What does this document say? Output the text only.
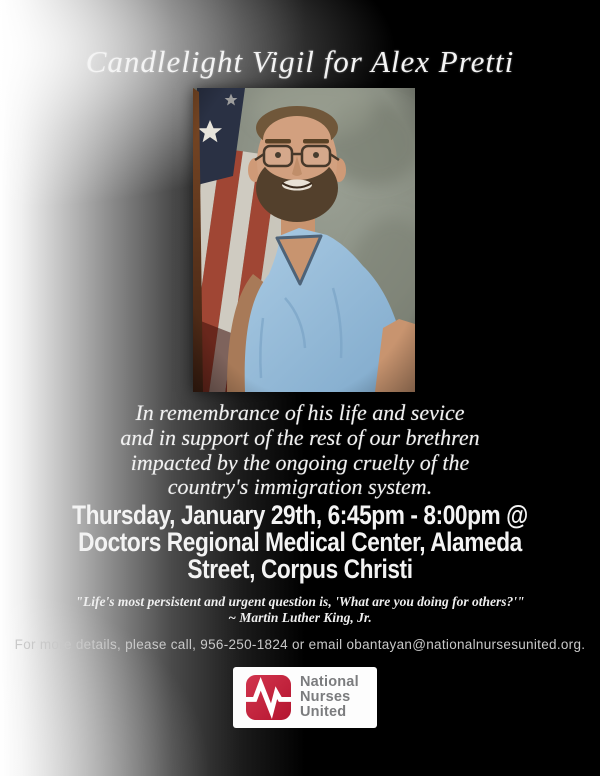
Candlelight Vigil for Alex Pretti
In remembrance of his life and sevice
and in support of the rest of our brethren
impacted by the ongoing cruelty of the
country's immigration system.
Thursday, January 29th, 6:45pm - 8:00pm @
Doctors Regional Medical Center, Alameda
Street, Corpus Christi
"Life's most persistent and urgent question is, 'What are you doing for others?'"
~ Martin Luther King, Jr.
For more details, please call, 956-250-1824 or email obantayan@nationalnursesunited.org.
National
Nurses
United
